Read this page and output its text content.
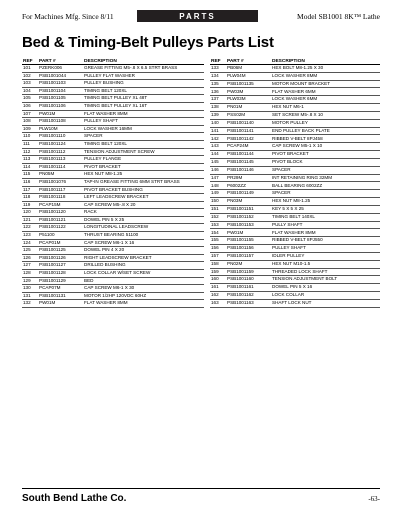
For Machines Mfg. Since 8/11	PARTS	Model SB1001 8K™ Lathe
Bed & Timing-Belt Pulleys Parts List
REF	PART #	DESCRIPTION
101	PZERK006	GREASE FITTING M5-.8 X 6.5 STRT BRASS
102	PSB1001044	PULLEY FLAT WASHER
103	PSB1001103	PULLEY BUSHING
104	PSB1001104	TIMING BELT 120XL
105	PSB1001105	TIMING BELT PULLEY XL 48T
106	PSB1001106	TIMING BELT PULLEY XL 16T
107	PW01M	FLAT WASHER 8MM
108	PSB1001108	PULLEY SHAFT
109	PLW10M	LOCK WASHER 16MM
110	PSB1001110	SPACER
111	PSB1001124	TIMING BELT 120XL
112	PSB1001112	TENSION ADJUSTMENT SCREW
113	PSB1001113	PULLEY FLANGE
114	PSB1001114	PIVOT BRACKET
115	PN05M	HEX NUT M8-1.25
116	PSB1001076	TAP-IN GREASE FITTING 6MM STRT BRASS
117	PSB1001117	PIVOT BRACKET BUSHING
118	PSB1001118	LEFT LEADSCREW BRACKET
119	PCAP15M	CAP SCREW M5-.8 X 20
120	PSB1001120	RACK
121	PSB1001121	DOWEL PIN 5 X 25
122	PSB1001122	LONGITUDINAL LEADSCREW
123	P51100	THRUST BEARING 51100
124	PCAP01M	CAP SCREW M6-1 X 16
125	PSB1001125	DOWEL PIN 4 X 20
126	PSB1001126	RIGHT LEADSCREW BRACKET
127	PSB1001127	DRILLED BUSHING
128	PSB1001128	LOCK COLLAR W/SET SCREW
129	PSB1001129	BED
130	PCAP07M	CAP SCREW M6-1 X 30
131	PSB1001131	MOTOR 1/2HP 120VDC 60HZ
132	PW01M	FLAT WASHER 8MM
REF	PART #	DESCRIPTION
133	PB06M	HEX BOLT M8-1.25 X 30
134	PLW04M	LOCK WASHER 8MM
135	PSB1001135	MOTOR MOUNT BRACKET
136	PW03M	FLAT WASHER 6MM
137	PLW03M	LOCK WASHER 6MM
138	PN01M	HEX NUT M6-1
139	PSS02M	SET SCREW M5-.8 X 10
140	PSB1001140	MOTOR PULLEY
141	PSB1001141	END PULLEY BACK PLATE
142	PSB1001142	RIBBED V-BELT 8PJ458
143	PCAP24M	CAP SCREW M5-1 X 10
144	PSB1001144	PIVOT BRACKET
145	PSB1001145	PIVOT BLOCK
146	PSB1001146	SPACER
147	PR29M	INT RETAINING RING 32MM
148	P6002ZZ	BALL BEARING 6002ZZ
149	PSB1001149	SPACER
150	PN03M	HEX NUT M8-1.25
151	PSB1001151	KEY 5 X 5 X 25
152	PSB1001152	TIMING BELT 140XL
153	PSB1001153	PULLY SHAFT
154	PW01M	FLAT WASHER 8MM
155	PSB1001155	RIBBED V-BELT 8PJ550
156	PSB1001156	PULLEY SHAFT
157	PSB1001157	IDLER PULLEY
158	PN02M	HEX NUT M10-1.5
159	PSB1001159	THREADED LOCK SHAFT
160	PSB1001160	TENSION ADJUSTMENT BOLT
161	PSB1001161	DOWEL PIN 5 X 16
162	PSB1001162	LOCK COLLAR
163	PSB1001163	SHAFT LOCK NUT
South Bend Lathe Co.	-63-
